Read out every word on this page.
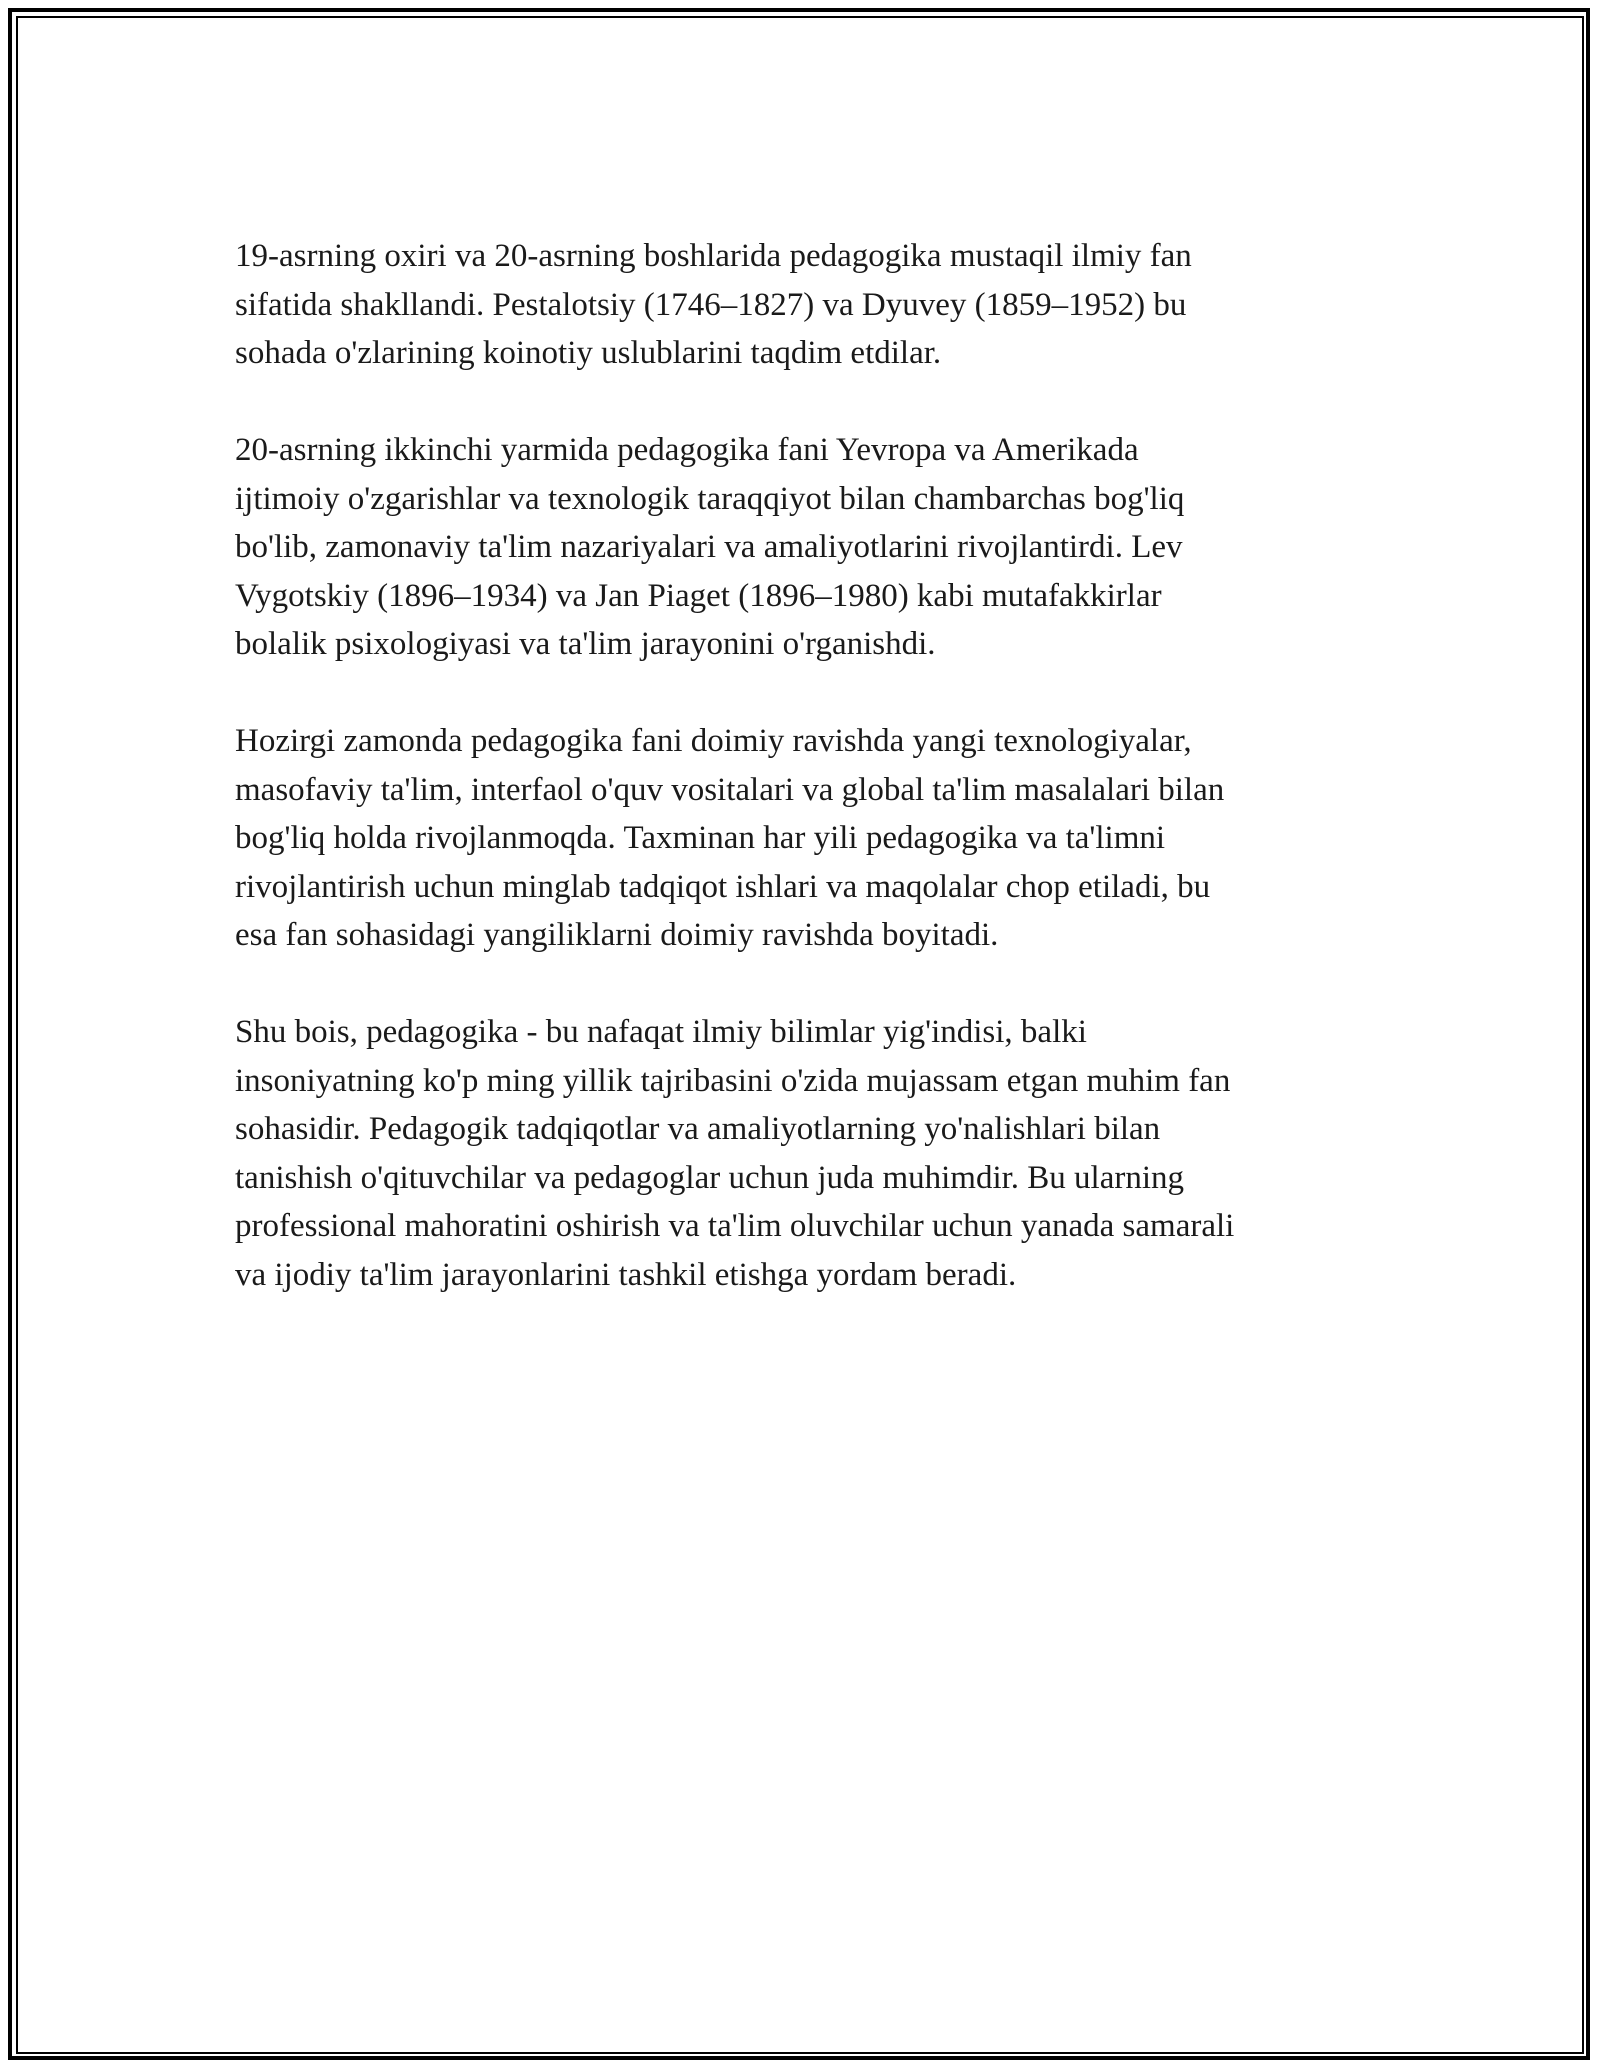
19-asrning oxiri va 20-asrning boshlarida pedagogika mustaqil ilmiy fan
sifatida shakllandi. Pestalotsiy (1746–1827) va Dyuvey (1859–1952) bu
sohada o'zlarining koinotiy uslublarini taqdim etdilar.

20-asrning ikkinchi yarmida pedagogika fani Yevropa va Amerikada
ijtimoiy o'zgarishlar va texnologik taraqqiyot bilan chambarchas bog'liq
bo'lib, zamonaviy ta'lim nazariyalari va amaliyotlarini rivojlantirdi. Lev
Vygotskiy (1896–1934) va Jan Piaget (1896–1980) kabi mutafakkirlar
bolalik psixologiyasi va ta'lim jarayonini o'rganishdi.

Hozirgi zamonda pedagogika fani doimiy ravishda yangi texnologiyalar,
masofaviy ta'lim, interfaol o'quv vositalari va global ta'lim masalalari bilan
bog'liq holda rivojlanmoqda. Taxminan har yili pedagogika va ta'limni
rivojlantirish uchun minglab tadqiqot ishlari va maqolalar chop etiladi, bu
esa fan sohasidagi yangiliklarni doimiy ravishda boyitadi.

Shu bois, pedagogika - bu nafaqat ilmiy bilimlar yig'indisi, balki
insoniyatning ko'p ming yillik tajribasini o'zida mujassam etgan muhim fan
sohasidir. Pedagogik tadqiqotlar va amaliyotlarning yo'nalishlari bilan
tanishish o'qituvchilar va pedagoglar uchun juda muhimdir. Bu ularning
professional mahoratini oshirish va ta'lim oluvchilar uchun yanada samarali
va ijodiy ta'lim jarayonlarini tashkil etishga yordam beradi.
